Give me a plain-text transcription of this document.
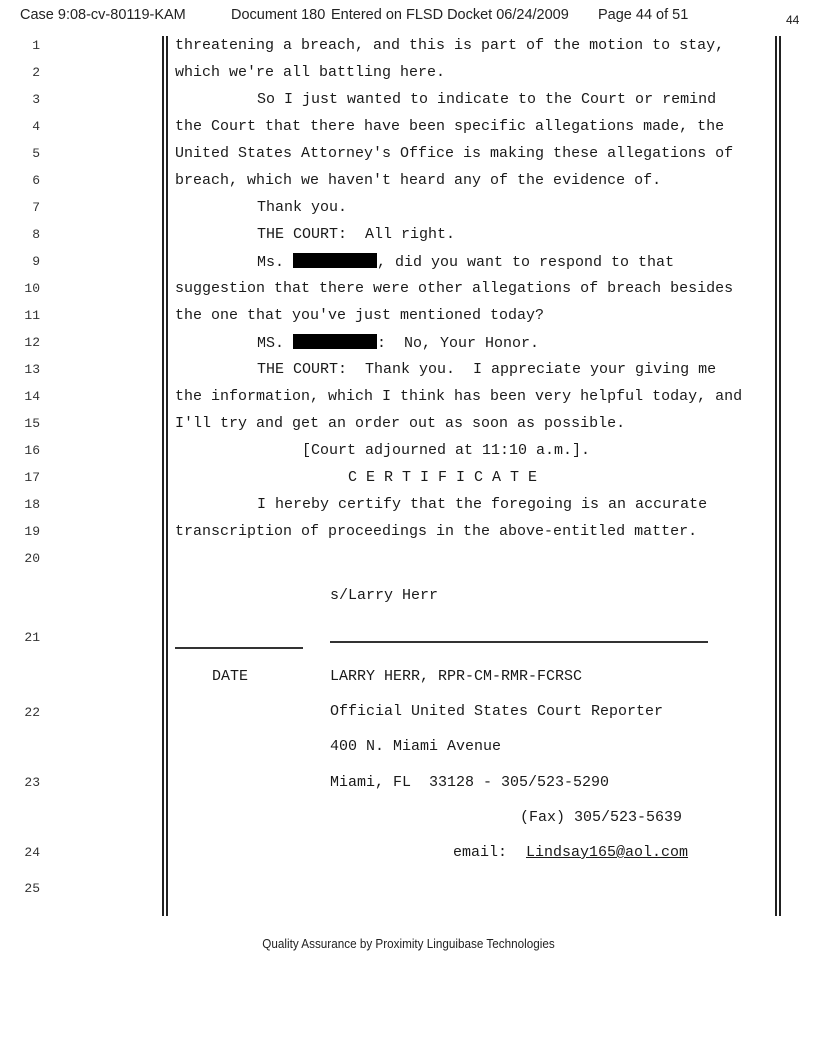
Case 9:08-cv-80119-KAM	Document 180 Entered on FLSD Docket 06/24/2009 Page 44 of 51	44
1
2
3
4
5
6
7
8
9
10
11
12
13
14
15
16
17
18
19
20
21
22
23
24
25
threatening a breach, and this is part of the motion to stay,
which we're all battling here.
So I just wanted to indicate to the Court or remind
the Court that there have been specific allegations made, the
United States Attorney's Office is making these allegations of
breach, which we haven't heard any of the evidence of.
Thank you.
THE COURT:  All right.
Ms.	, did you want to respond to that
suggestion that there were other allegations of breach besides
the one that you've just mentioned today?
MS.	:  No, Your Honor.
THE COURT:  Thank you.  I appreciate your giving me
the information, which I think has been very helpful today, and
I'll try and get an order out as soon as possible.
[Court adjourned at 11:10 a.m.].
C E R T I F I C A T E
I hereby certify that the foregoing is an accurate
transcription of proceedings in the above-entitled matter.
s/Larry Herr
DATE	LARRY HERR, RPR-CM-RMR-FCRSC
Official United States Court Reporter
400 N. Miami Avenue
Miami, FL  33128 - 305/523-5290
(Fax) 305/523-5639
email: Lindsay165@aol.com
Quality Assurance by Proximity Linguibase Technologies
